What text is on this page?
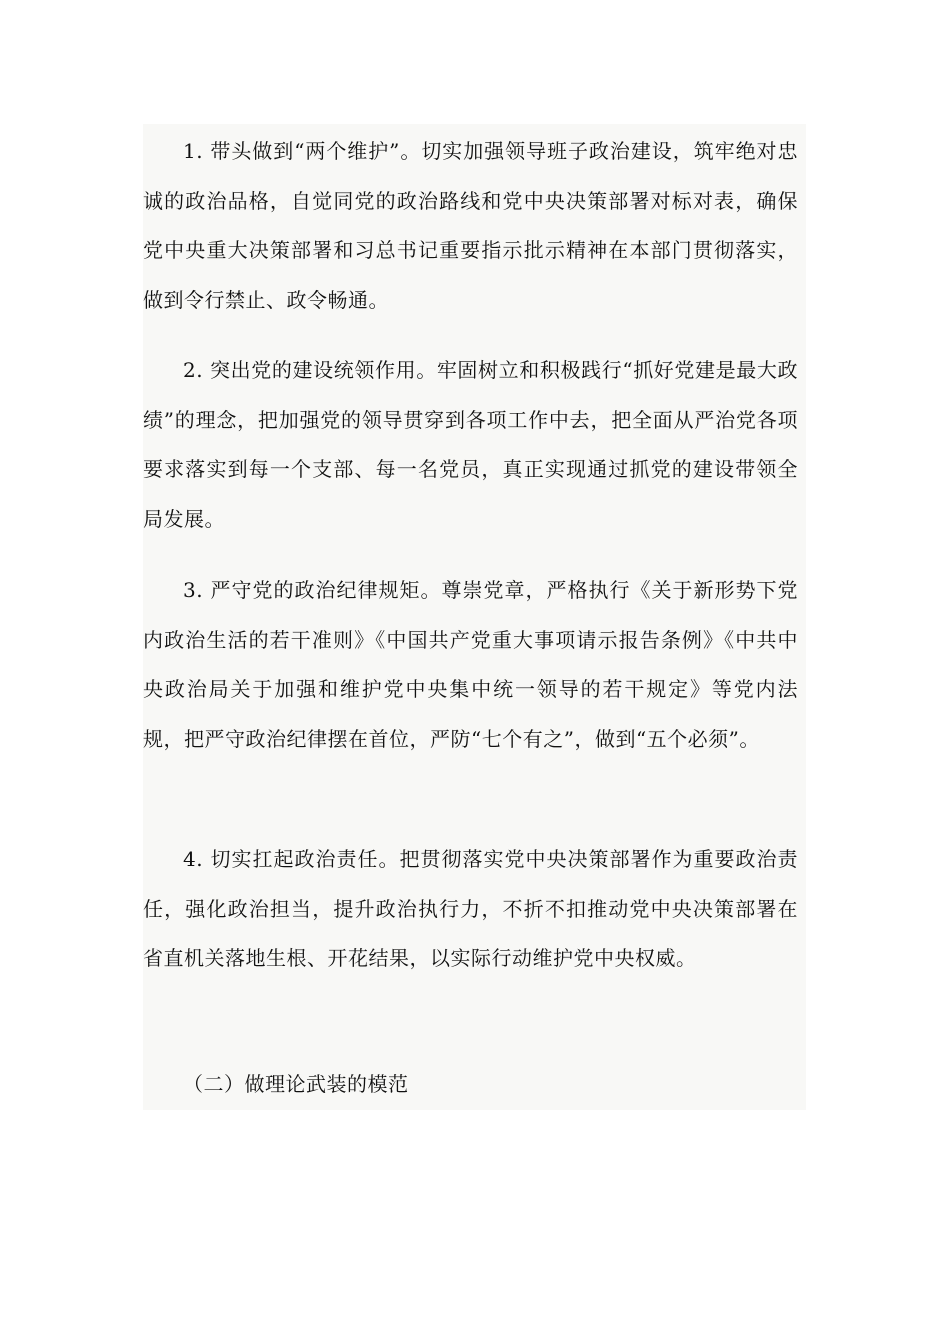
1. 带头做到“两个维护”。切实加强领导班子政治建设，筑牢绝对忠诚的政治品格，自觉同党的政治路线和党中央决策部署对标对表，确保党中央重大决策部署和习总书记重要指示批示精神在本部门贯彻落实，做到令行禁止、政令畅通。

2. 突出党的建设统领作用。牢固树立和积极践行“抓好党建是最大政绩”的理念，把加强党的领导贯穿到各项工作中去，把全面从严治党各项要求落实到每一个支部、每一名党员，真正实现通过抓党的建设带领全局发展。

3. 严守党的政治纪律规矩。尊崇党章，严格执行《关于新形势下党内政治生活的若干准则》《中国共产党重大事项请示报告条例》《中共中央政治局关于加强和维护党中央集中统一领导的若干规定》等党内法规，把严守政治纪律摆在首位，严防“七个有之”，做到“五个必须”。

4. 切实扛起政治责任。把贯彻落实党中央决策部署作为重要政治责任，强化政治担当，提升政治执行力，不折不扣推动党中央决策部署在省直机关落地生根、开花结果，以实际行动维护党中央权威。

（二）做理论武装的模范
